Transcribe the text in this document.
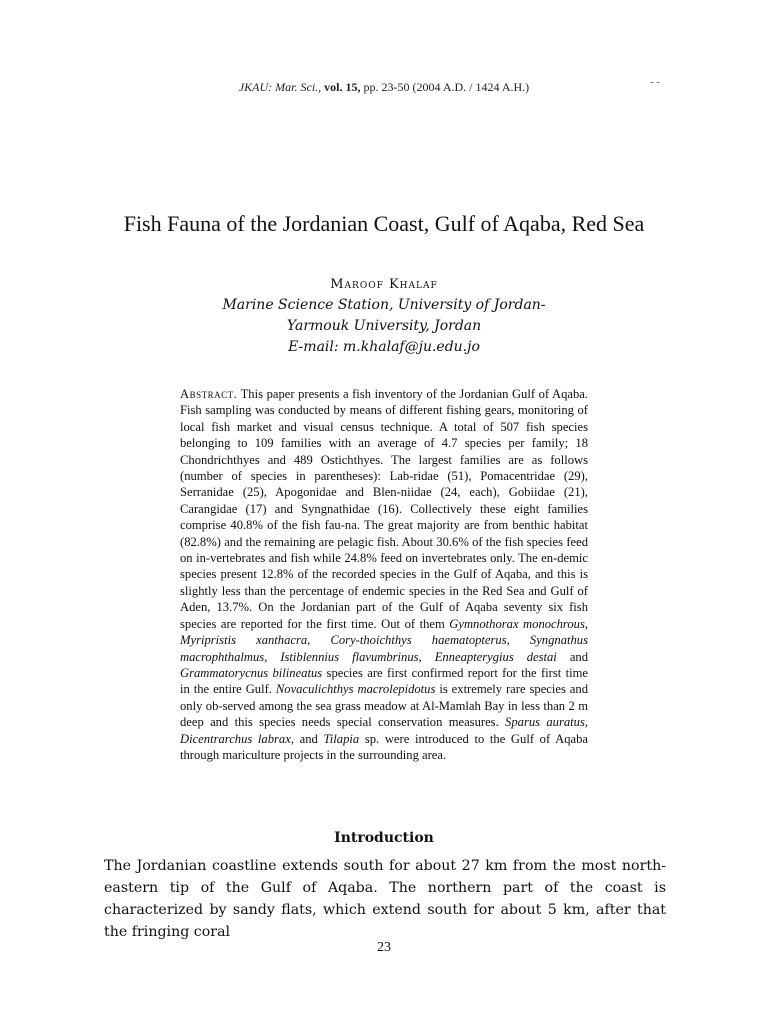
JKAU: Mar. Sci., vol. 15, pp. 23-50 (2004 A.D. / 1424 A.H.)	- -
Fish Fauna of the Jordanian Coast, Gulf of Aqaba, Red Sea
Maroof Khalaf
Marine Science Station, University of Jordan-
Yarmouk University, Jordan
E-mail: m.khalaf@ju.edu.jo
Abstract. This paper presents a fish inventory of the Jordanian Gulf of Aqaba. Fish sampling was conducted by means of different fishing gears, monitoring of local fish market and visual census technique. A total of 507 fish species belonging to 109 families with an average of 4.7 species per family; 18 Chondrichthyes and 489 Ostichthyes. The largest families are as follows (number of species in parentheses): Lab-ridae (51), Pomacentridae (29), Serranidae (25), Apogonidae and Blen-niidae (24, each), Gobiidae (21), Carangidae (17) and Syngnathidae (16). Collectively these eight families comprise 40.8% of the fish fau-na. The great majority are from benthic habitat (82.8%) and the remaining are pelagic fish. About 30.6% of the fish species feed on in-vertebrates and fish while 24.8% feed on invertebrates only. The en-demic species present 12.8% of the recorded species in the Gulf of Aqaba, and this is slightly less than the percentage of endemic species in the Red Sea and Gulf of Aden, 13.7%. On the Jordanian part of the Gulf of Aqaba seventy six fish species are reported for the first time. Out of them Gymnothorax monochrous, Myripristis xanthacra, Cory-thoichthys haematopterus, Syngnathus macrophthalmus, Istiblennius flavumbrinus, Enneapterygius destai and Grammatorycnus bilineatus species are first confirmed report for the first time in the entire Gulf. Novaculichthys macrolepidotus is extremely rare species and only ob-served among the sea grass meadow at Al-Mamlah Bay in less than 2 m deep and this species needs special conservation measures. Sparus auratus, Dicentrarchus labrax, and Tilapia sp. were introduced to the Gulf of Aqaba through mariculture projects in the surrounding area.
Introduction
The Jordanian coastline extends south for about 27 km from the most north-eastern tip of the Gulf of Aqaba. The northern part of the coast is characterized by sandy flats, which extend south for about 5 km, after that the fringing coral
23
